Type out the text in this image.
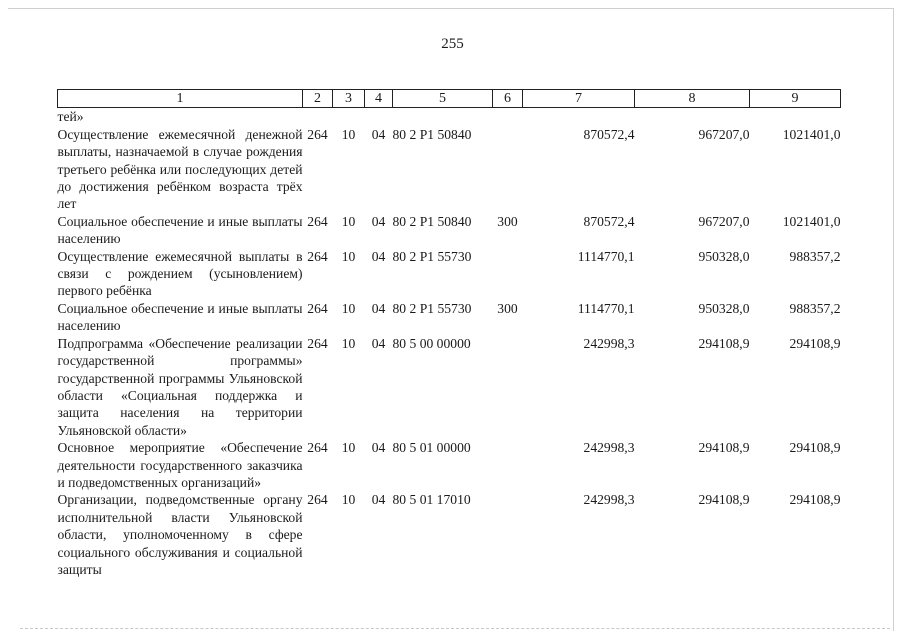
255
1	2	3	4	5	6	7	8	9
тей»								
Осуществление ежемесячной денежной выплаты, назначаемой в случае рождения третьего ребёнка или последующих детей до достижения ребёнком возраста трёх лет	264	10	04	80 2 P1 50840		870572,4	967207,0	1021401,0
Социальное обеспечение и иные выплаты населению	264	10	04	80 2 P1 50840	300	870572,4	967207,0	1021401,0
Осуществление ежемесячной выплаты в связи с рождением (усыновлением) первого ребёнка	264	10	04	80 2 P1 55730		1114770,1	950328,0	988357,2
Социальное обеспечение и иные выплаты населению	264	10	04	80 2 P1 55730	300	1114770,1	950328,0	988357,2
Подпрограмма «Обеспечение реализации государственной программы» государственной программы Ульяновской области «Социальная поддержка и защита населения на территории Ульяновской области»	264	10	04	80 5 00 00000		242998,3	294108,9	294108,9
Основное мероприятие «Обеспечение деятельности государственного заказчика и подведомственных организаций»	264	10	04	80 5 01 00000		242998,3	294108,9	294108,9
Организации, подведомственные органу исполнительной власти Ульяновской области, уполномоченному в сфере социального обслуживания и социальной защиты	264	10	04	80 5 01 17010		242998,3	294108,9	294108,9
